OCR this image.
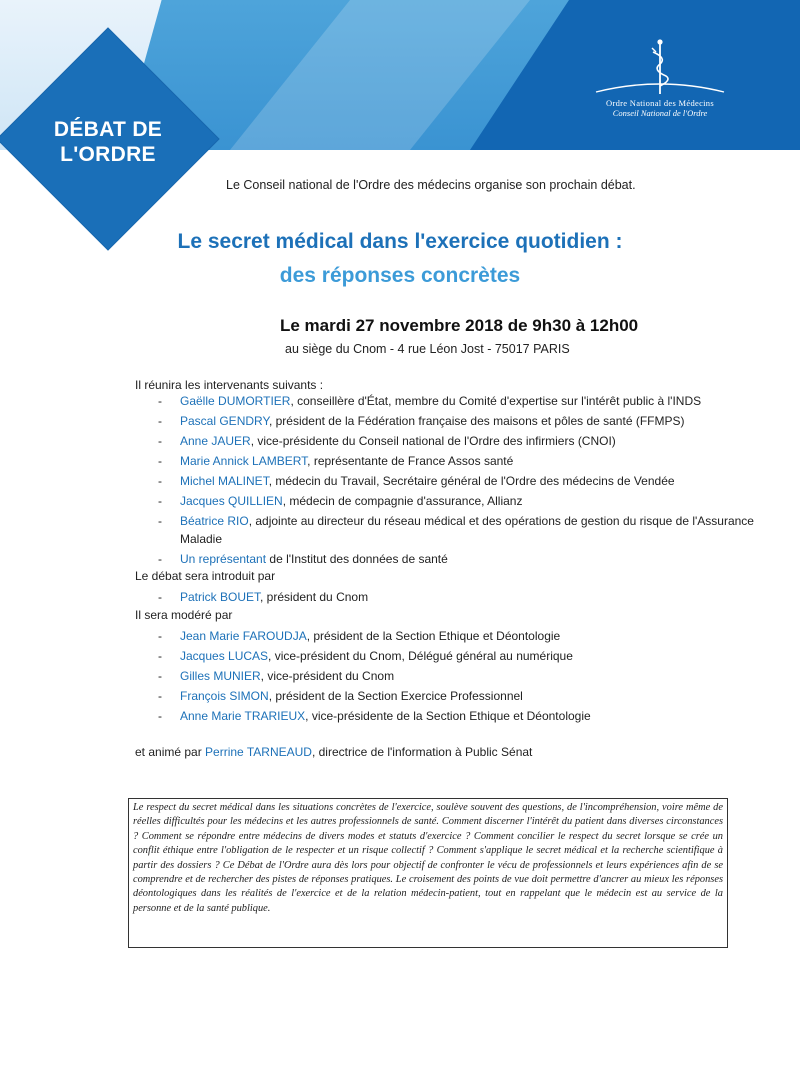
DÉBAT DE
L'ORDRE
Ordre National des Médecins
Conseil National de l'Ordre
Le Conseil national de l'Ordre des médecins organise son prochain débat.
Le secret médical dans l'exercice quotidien :
des réponses concrètes
Le mardi 27 novembre 2018 de 9h30 à 12h00
au siège du Cnom - 4 rue Léon Jost - 75017 PARIS
Il réunira les intervenants suivants :
- Gaëlle DUMORTIER, conseillère d'État, membre du Comité d'expertise sur l'intérêt public à l'INDS
- Pascal GENDRY, président de la Fédération française des maisons et pôles de santé (FFMPS)
- Anne JAUER, vice-présidente du Conseil national de l'Ordre des infirmiers (CNOI)
- Marie Annick LAMBERT, représentante de France Assos santé
- Michel MALINET, médecin du Travail, Secrétaire général de l'Ordre des médecins de Vendée
- Jacques QUILLIEN, médecin de compagnie d'assurance, Allianz
- Béatrice RIO, adjointe au directeur du réseau médical et des opérations de gestion du risque de l'Assurance Maladie
- Un représentant de l'Institut des données de santé
Le débat sera introduit par
- Patrick BOUET, président du Cnom
Il sera modéré par
- Jean Marie FAROUDJA, président de la Section Ethique et Déontologie
- Jacques LUCAS, vice-président du Cnom, Délégué général au numérique
- Gilles MUNIER, vice-président du Cnom
- François SIMON, président de la Section Exercice Professionnel
- Anne Marie TRARIEUX, vice-présidente de la Section Ethique et Déontologie
et animé par Perrine TARNEAUD, directrice de l'information à Public Sénat

Le respect du secret médical dans les situations concrètes de l'exercice, soulève souvent des questions, de l'incompréhension, voire même de réelles difficultés pour les médecins et les autres professionnels de santé. Comment discerner l'intérêt du patient dans diverses circonstances ? Comment se répondre entre médecins de divers modes et statuts d'exercice ? Comment concilier le respect du secret lorsque se crée un conflit éthique entre l'obligation de le respecter et un risque collectif ? Comment s'applique le secret médical et la recherche scientifique à partir des dossiers ? Ce Débat de l'Ordre aura dès lors pour objectif de confronter le vécu de professionnels et leurs expériences afin de se comprendre et de rechercher des pistes de réponses pratiques. Le croisement des points de vue doit permettre d'ancrer au mieux les réponses déontologiques dans les réalités de l'exercice et de la relation médecin-patient, tout en rappelant que le médecin est au service de la personne et de la santé publique.
